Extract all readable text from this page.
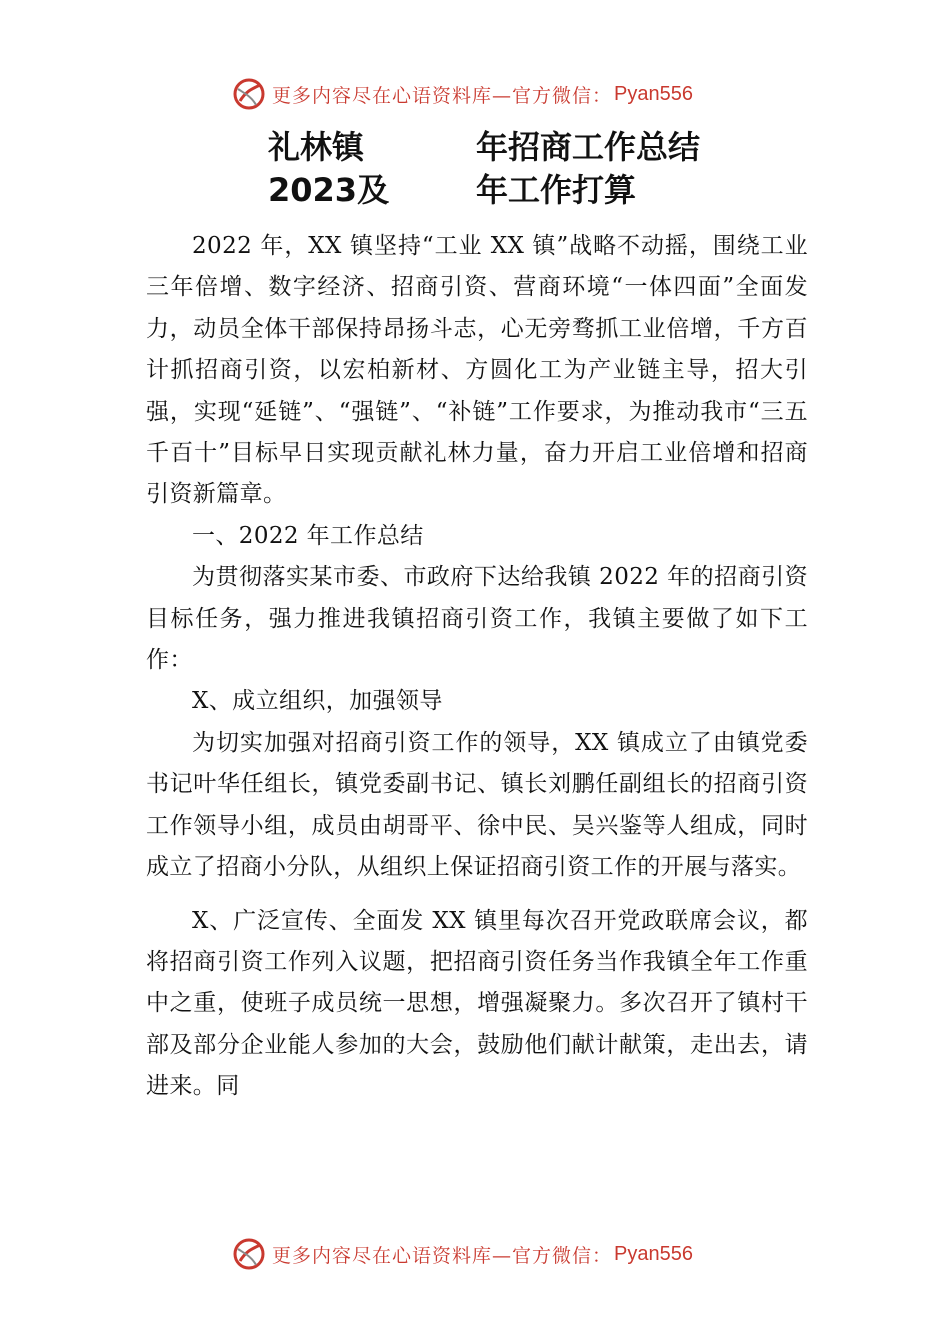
更多内容尽在心语资料库—官方微信： Pyan556
礼林镇	年招商工作总结
2023及	年工作打算

2022 年，XX 镇坚持“工业 XX 镇”战略不动摇，围绕工业三年倍增、数字经济、招商引资、营商环境“一体四面”全面发力，动员全体干部保持昂扬斗志，心无旁骛抓工业倍增，千方百计抓招商引资，以宏柏新材、方圆化工为产业链主导，招大引强，实现“延链”、“强链”、“补链”工作要求，为推动我市“三五千百十”目标早日实现贡献礼林力量，奋力开启工业倍增和招商引资新篇章。

一、2022 年工作总结

为贯彻落实某市委、市政府下达给我镇 2022 年的招商引资目标任务，强力推进我镇招商引资工作，我镇主要做了如下工作：

X、成立组织，加强领导

为切实加强对招商引资工作的领导，XX 镇成立了由镇党委书记叶华任组长，镇党委副书记、镇长刘鹏任副组长的招商引资工作领导小组，成员由胡哥平、徐中民、吴兴鉴等人组成，同时成立了招商小分队，从组织上保证招商引资工作的开展与落实。

X、广泛宣传、全面发 XX 镇里每次召开党政联席会议，都将招商引资工作列入议题，把招商引资任务当作我镇全年工作重中之重，使班子成员统一思想，增强凝聚力。多次召开了镇村干部及部分企业能人参加的大会，鼓励他们献计献策，走出去，请进来。同

更多内容尽在心语资料库—官方微信： Pyan556
